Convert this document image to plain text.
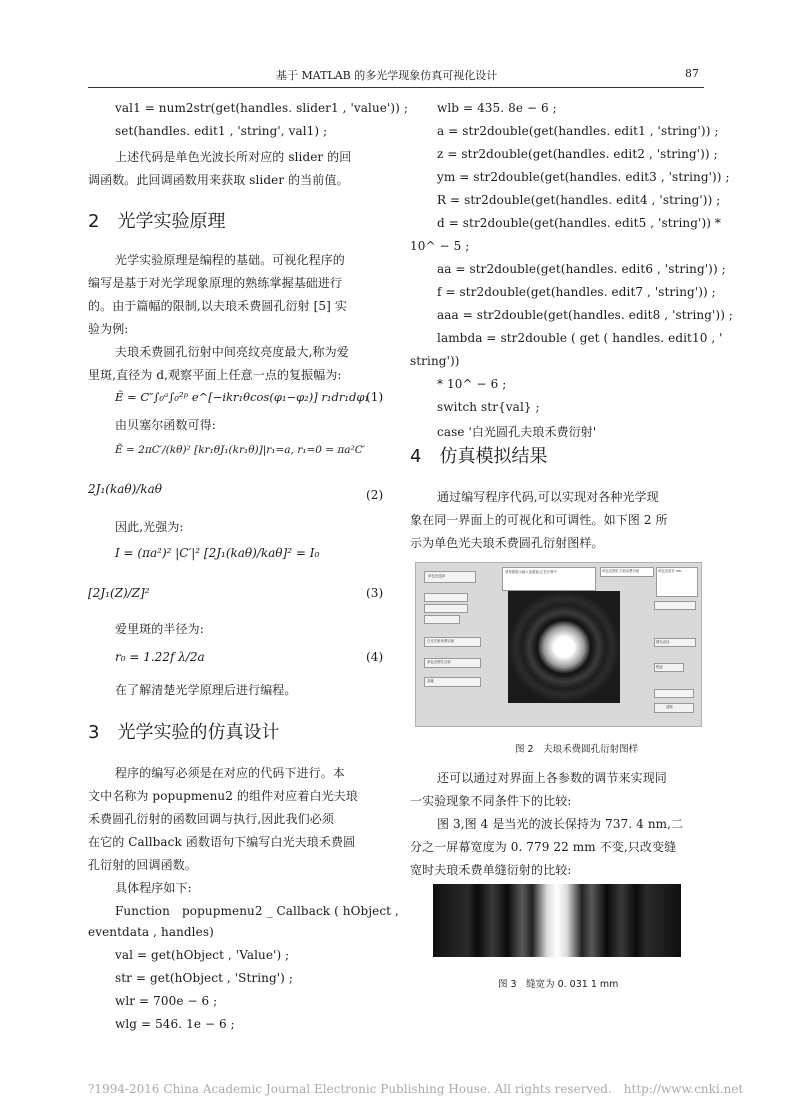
基于 MATLAB 的多光学现象仿真可视化设计	87
val1 = num2str(get(handles. slider1 , 'value')) ;
set(handles. edit1 , 'string', val1) ;
上述代码是单色光波长所对应的 slider 的回
调函数。此回调函数用来获取 slider 的当前值。
2　光学实验原理
光学实验原理是编程的基础。可视化程序的
编写是基于对光学现象原理的熟练掌握基础进行
的。由于篇幅的限制,以夫琅禾费圆孔衍射 [5] 实
验为例:
夫琅禾费圆孔衍射中间亮纹亮度最大,称为爱
里斑,直径为 d,观察平面上任意一点的复振幅为:
Ẽ = C″∫₀ᵃ∫₀²ᵖ e^[−ikr₁θcos(φ₁−φ₂)] r₁dr₁dφ₁
(1)
由贝塞尔函数可得:
Ẽ = 2πC′/(kθ)² [kr₁θJ₁(kr₁θ)]|r₁=a, r₁=0 = πa²C′
2J₁(kaθ)/kaθ	(2)
因此,光强为:
I = (πa²)² |C′|² [2J₁(kaθ)/kaθ]² = I₀
[2J₁(Z)/Z]²	(3)
爱里斑的半径为:
r₀ = 1.22f λ/2a	(4)
在了解清楚光学原理后进行编程。
3　光学实验的仿真设计
程序的编写必须是在对应的代码下进行。本
文中名称为 popupmenu2 的组件对应着白光夫琅
禾费圆孔衍射的函数回调与执行,因此我们必须
在它的 Callback 函数语句下编写白光夫琅禾费圆
孔衍射的回调函数。
具体程序如下:
Function　popupmenu2 _ Callback ( hObject ,
eventdata , handles)
val = get(hObject , 'Value') ;
str = get(hObject , 'String') ;
wlr = 700e − 6 ;
wlg = 546. 1e − 6 ;
wlb = 435. 8e − 6 ;
a = str2double(get(handles. edit1 , 'string')) ;
z = str2double(get(handles. edit2 , 'string')) ;
ym = str2double(get(handles. edit3 , 'string')) ;
R = str2double(get(handles. edit4 , 'string')) ;
d = str2double(get(handles. edit5 , 'string')) *
10^ − 5 ;
aa = str2double(get(handles. edit6 , 'string')) ;
f = str2double(get(handles. edit7 , 'string')) ;
aaa = str2double(get(handles. edit8 , 'string')) ;
lambda = str2double ( get ( handles. edit10 , '
string'))
* 10^ − 6 ;
switch str{val} ;
case '白光圆孔夫琅禾费衍射'
4　仿真模拟结果
通过编写程序代码,可以实现对各种光学现
象在同一界面上的可视化和可调性。如下图 2 所
示为单色光夫琅禾费圆孔衍射图样。
单色光选择
白光夫琅禾费衍射
单色光圆孔衍射
双缝
请按照提示输入参数值,正在计算中	单色光圆孔夫琅禾费衍射	单色光波长 nm
圆孔直径
焦距
清除
图 2　夫琅禾费圆孔衍射图样
还可以通过对界面上各参数的调节来实现同
一实验现象不同条件下的比较:
图 3,图 4 是当光的波长保持为 737. 4 nm,二
分之一屏幕宽度为 0. 779 22 mm 不变,只改变缝
宽时夫琅禾费单缝衍射的比较:
图 3　缝宽为 0. 031 1 mm
?1994-2016 China Academic Journal Electronic Publishing House. All rights reserved.　http://www.cnki.net
